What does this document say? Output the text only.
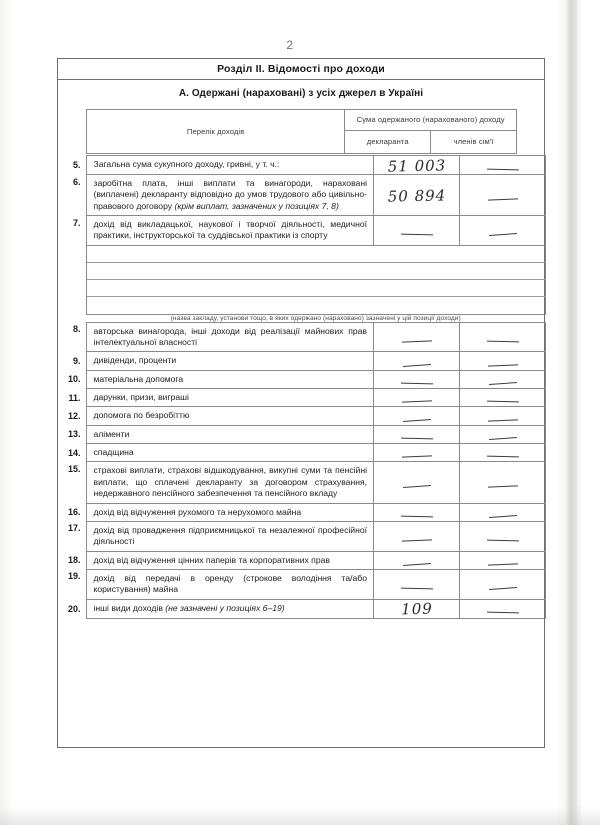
2
Розділ II. Відомості про доходи
А. Одержані (нараховані) з усіх джерел в Україні
Перелік доходів	Сума одержаного (нарахованого) доходу	
	декларанта	членів сім'ї
5.	Загальна сума сукупного доходу, гривні, у т. ч.:	51 003	

6.	заробітна плата, інші виплати та винагороди, нараховані (виплачені) декларанту відповідно до умов трудового або цивільно-правового договору (крім виплат, зазначених у позиціях 7, 8)	50 894	

7.	дохід від викладацької, наукової і творчої діяльності, медичної практики, інструкторської та суддівської практики із спорту	

	(назва закладу, установи тощо, в яких одержано (нараховано) зазначені у цій позиції доходи)		
8.	авторська винагорода, інші доходи від реалізації майнових прав інтелектуальної власності	

9.	дивіденди, проценти	

10.	матеріальна допомога	

11.	дарунки, призи, виграші	

12.	допомога по безробіттю	

13.	аліменти	

14.	спадщина	

15.	страхові виплати, страхові відшкодування, викупні суми та пенсійні виплати, що сплачені декларанту за договором страхування, недержавного пенсійного забезпечення та пенсійного вкладу	

16.	дохід від відчуження рухомого та нерухомого майна	

17.	дохід від провадження підприємницької та незалежної професійної діяльності	

18.	дохід від відчуження цінних паперів та корпоративних прав	

19.	дохід від передачі в оренду (строкове володіння та/або користування) майна	

20.	інші види доходів (не зазначені у позиціях 6–19)	109	
